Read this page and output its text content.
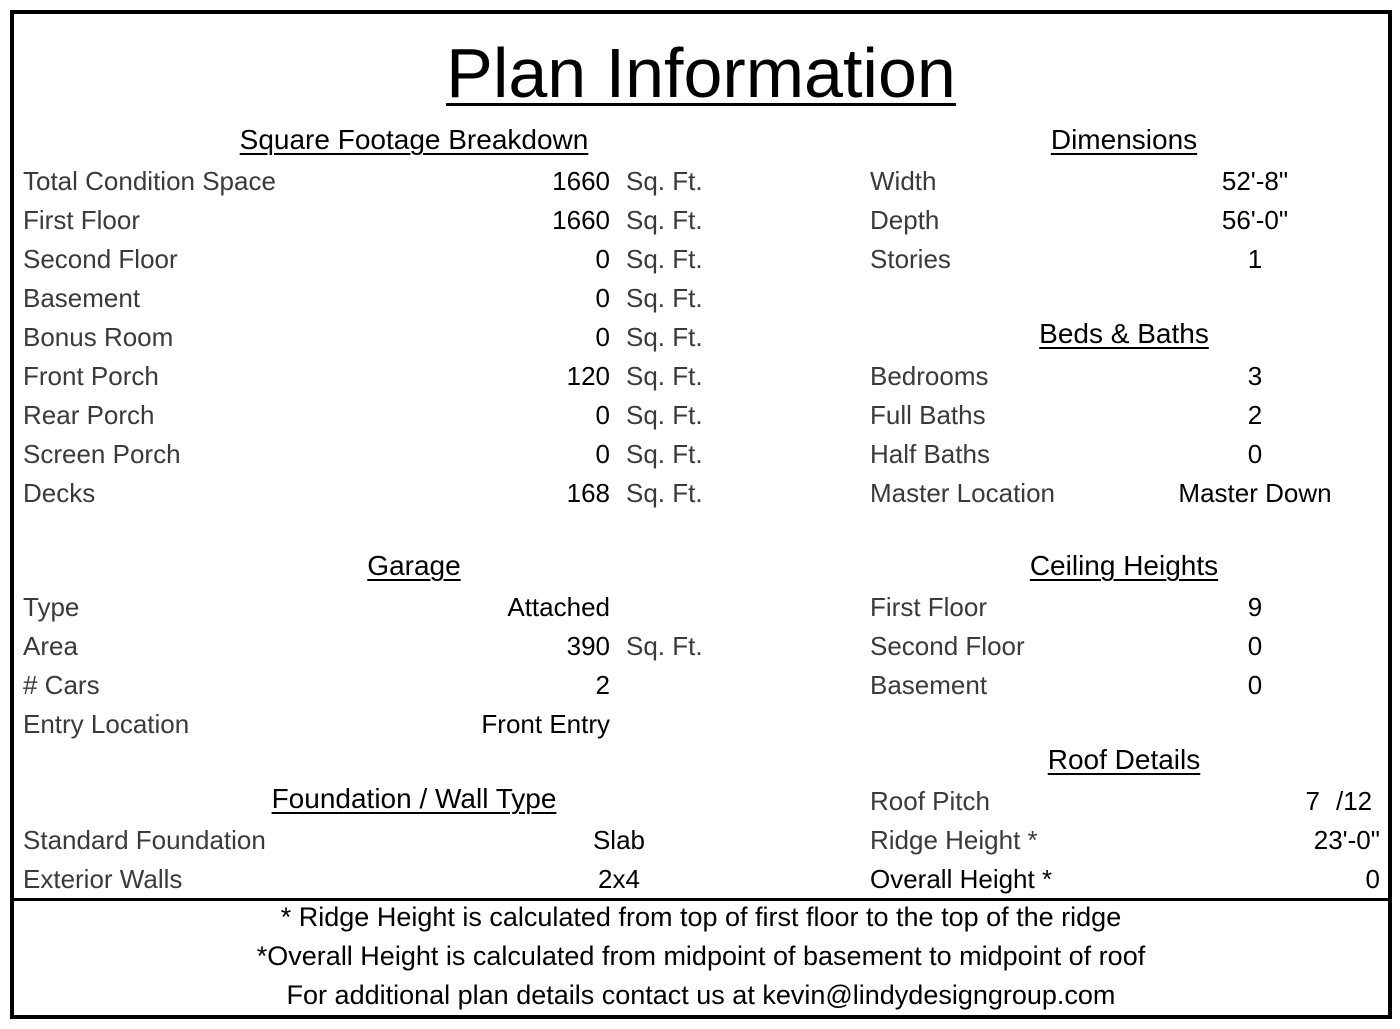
Plan Information
Square Footage Breakdown
Total Condition Space	1660 Sq. Ft.
First Floor	1660 Sq. Ft.
Second Floor	0 Sq. Ft.
Basement	0 Sq. Ft.
Bonus Room	0 Sq. Ft.
Front Porch	120 Sq. Ft.
Rear Porch	0 Sq. Ft.
Screen Porch	0 Sq. Ft.
Decks	168 Sq. Ft.
Garage
Type	Attached
Area	390 Sq. Ft.
# Cars	2
Entry Location	Front Entry
Foundation / Wall Type
Standard Foundation	Slab
Exterior Walls	2x4
Dimensions
Width	52'-8"
Depth	56'-0"
Stories	1
Beds & Baths
Bedrooms	3
Full Baths	2
Half Baths	0
Master Location	Master Down
Ceiling Heights
First Floor	9
Second Floor	0
Basement	0
Roof Details
Roof Pitch	7 /12
Ridge Height *	23'-0"
Overall Height *	0
* Ridge Height is calculated from top of first floor to the top of the ridge
*Overall Height is calculated from midpoint of basement to midpoint of roof
For additional plan details contact us at kevin@lindydesigngroup.com
